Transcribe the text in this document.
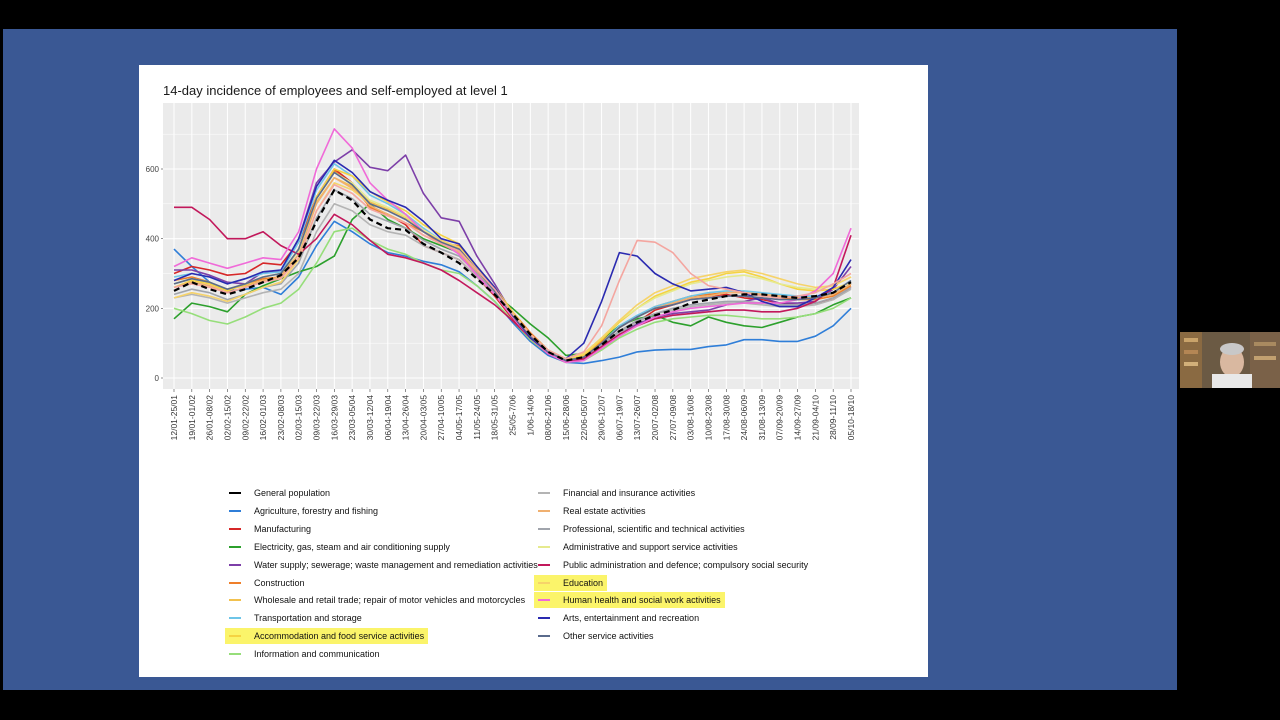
14-day incidence of employees and self-employed at level 1
0
200
400
600
12/01-25/01 19/01-01/02 26/01-08/02 02/02-15/02 09/02-22/02 16/02-01/03 23/02-08/03 02/03-15/03 09/03-22/03 16/03-29/03 23/03-05/04 30/03-12/04 06/04-19/04 13/04-26/04 20/04-03/05 27/04-10/05 04/05-17/05 11/05-24/05 18/05-31/05 25/05-7/06 1/06-14/06 08/06-21/06 15/06-28/06 22/06-05/07 29/06-12/07 06/07-19/07 13/07-26/07 20/07-02/08 27/07-09/08 03/08-16/08 10/08-23/08 17/08-30/08 24/08-06/09 31/08-13/09 07/09-20/09 14/09-27/09 21/09-04/10 28/09-11/10 05/10-18/10
General population
Agriculture, forestry and fishing
Manufacturing
Electricity, gas, steam and air conditioning supply
Water supply; sewerage; waste management and remediation activities
Construction
Wholesale and retail trade; repair of motor vehicles and motorcycles
Transportation and storage
Accommodation and food service activities
Information and communication
Financial and insurance activities
Real estate activities
Professional, scientific and technical activities
Administrative and support service activities
Public administration and defence; compulsory social security
Education
Human health and social work activities
Arts, entertainment and recreation
Other service activities
